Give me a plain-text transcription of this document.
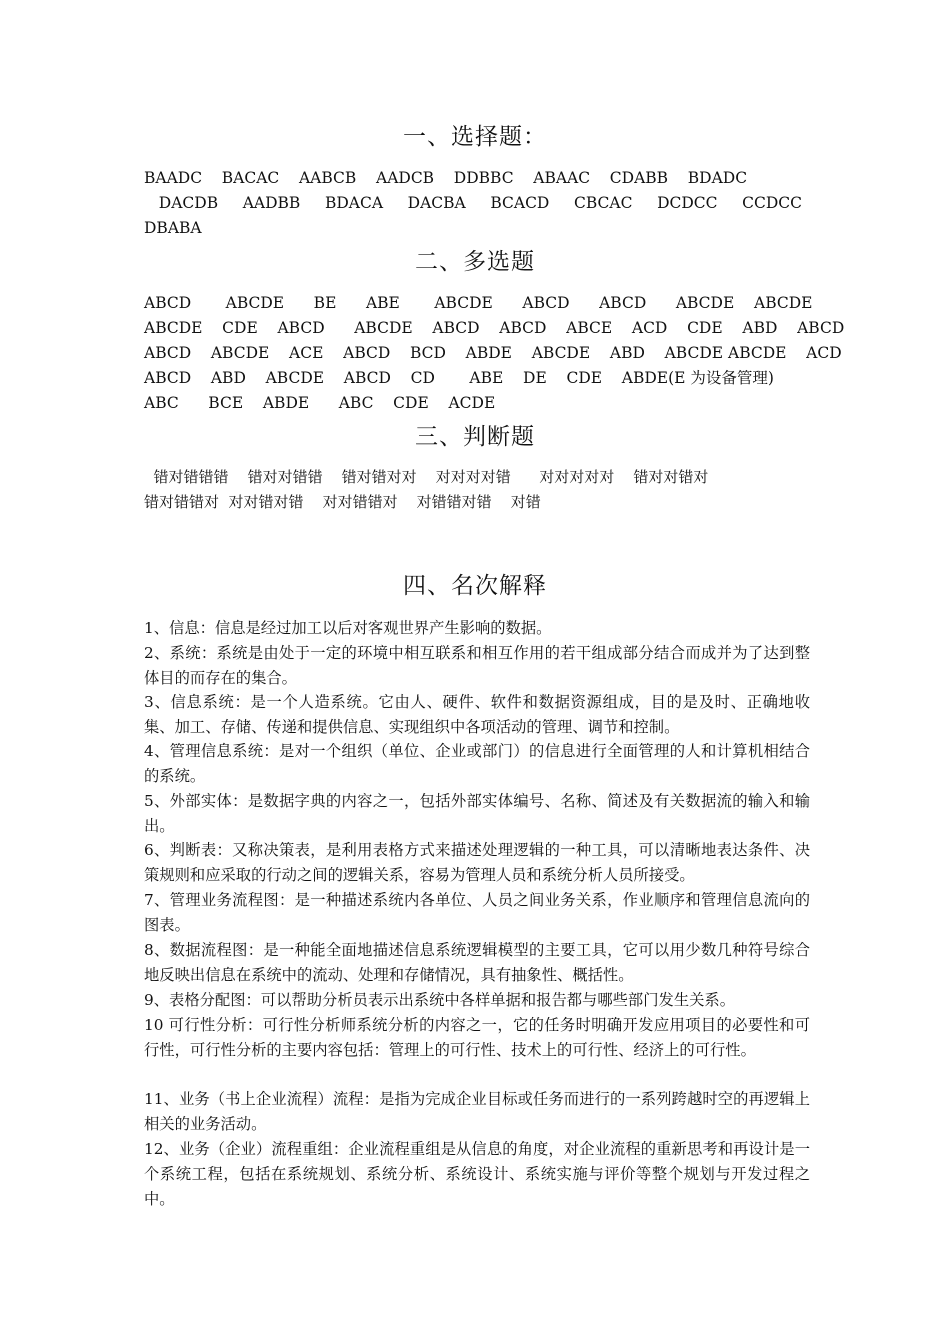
一、选择题：

BAADC    BACAC    AABCB    AADCB    DDBBC    ABAAC    CDABB    BDADC

DACDB     AADBB     BDACA     DACBA     BCACD     CBCAC     DCDCC     CCDCC

DBABA

二、多选题

ABCD       ABCDE      BE      ABE       ABCDE      ABCD      ABCD      ABCDE    ABCDE

ABCDE    CDE    ABCD      ABCDE    ABCD    ABCD    ABCE    ACD    CDE    ABD    ABCD

ABCD    ABCDE    ACE    ABCD    BCD    ABDE    ABCDE    ABD    ABCDE ABCDE    ACD

ABCD    ABD    ABCDE    ABCD    CD       ABE    DE    CDE    ABDE(E 为设备管理)

ABC      BCE    ABDE      ABC    CDE    ACDE

三、判断题

错对错错错    错对对错错    错对错对对    对对对对错      对对对对对    错对对错对

错对错错对  对对错对错    对对错错对    对错错对错    对错

四、名次解释

1、信息：信息是经过加工以后对客观世界产生影响的数据。

2、系统：系统是由处于一定的环境中相互联系和相互作用的若干组成部分结合而成并为了达到整体目的而存在的集合。

3、信息系统：是一个人造系统。它由人、硬件、软件和数据资源组成，目的是及时、正确地收集、加工、存储、传递和提供信息、实现组织中各项活动的管理、调节和控制。

4、管理信息系统：是对一个组织（单位、企业或部门）的信息进行全面管理的人和计算机相结合的系统。

5、外部实体：是数据字典的内容之一，包括外部实体编号、名称、简述及有关数据流的输入和输出。

6、判断表：又称决策表，是利用表格方式来描述处理逻辑的一种工具，可以清晰地表达条件、决策规则和应采取的行动之间的逻辑关系，容易为管理人员和系统分析人员所接受。

7、管理业务流程图：是一种描述系统内各单位、人员之间业务关系，作业顺序和管理信息流向的图表。

8、数据流程图：是一种能全面地描述信息系统逻辑模型的主要工具，它可以用少数几种符号综合地反映出信息在系统中的流动、处理和存储情况，具有抽象性、概括性。

9、表格分配图：可以帮助分析员表示出系统中各样单据和报告都与哪些部门发生关系。

10 可行性分析：可行性分析师系统分析的内容之一，它的任务时明确开发应用项目的必要性和可行性，可行性分析的主要内容包括：管理上的可行性、技术上的可行性、经济上的可行性。

11、业务（书上企业流程）流程：是指为完成企业目标或任务而进行的一系列跨越时空的再逻辑上相关的业务活动。

12、业务（企业）流程重组：企业流程重组是从信息的角度，对企业流程的重新思考和再设计是一个系统工程，包括在系统规划、系统分析、系统设计、系统实施与评价等整个规划与开发过程之中。
